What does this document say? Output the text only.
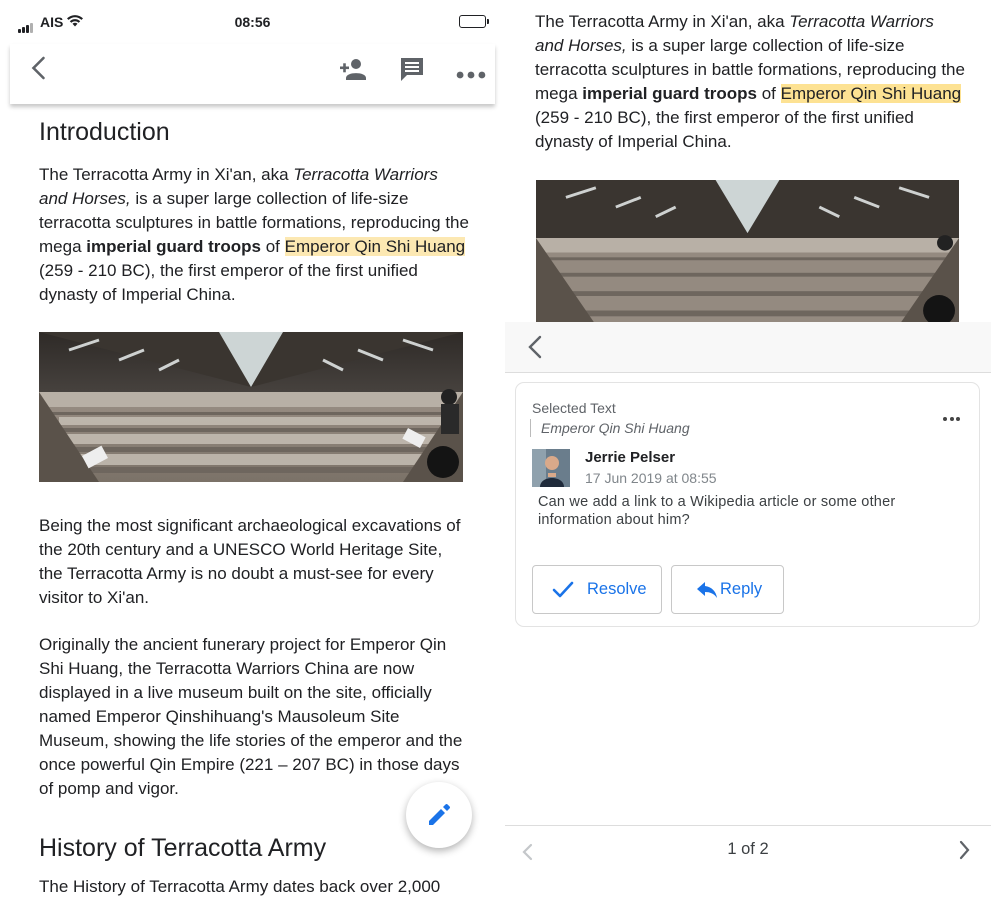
AIS	08:56
Introduction

The Terracotta Army in Xi'an, aka Terracotta Warriors and Horses, is a super large collection of life-size terracotta sculptures in battle formations, reproducing the mega imperial guard troops of Emperor Qin Shi Huang (259 - 210 BC), the first emperor of the first unified dynasty of Imperial China.

Being the most significant archaeological excavations of the 20th century and a UNESCO World Heritage Site, the Terracotta Army is no doubt a must-see for every visitor to Xi'an.

Originally the ancient funerary project for Emperor Qin Shi Huang, the Terracotta Warriors China are now displayed in a live museum built on the site, officially named Emperor Qinshihuang's Mausoleum Site Museum, showing the life stories of the emperor and the once powerful Qin Empire (221 – 207 BC) in those days of pomp and vigor.

History of Terracotta Army

The History of Terracotta Army dates back over 2,000

The Terracotta Army in Xi'an, aka Terracotta Warriors and Horses, is a super large collection of life-size terracotta sculptures in battle formations, reproducing the mega imperial guard troops of Emperor Qin Shi Huang (259 - 210 BC), the first emperor of the first unified dynasty of Imperial China.

Selected Text
Emperor Qin Shi Huang
Jerrie Pelser
17 Jun 2019 at 08:55

Can we add a link to a Wikipedia article or some other information about him?

Resolve	Reply
1 of 2
